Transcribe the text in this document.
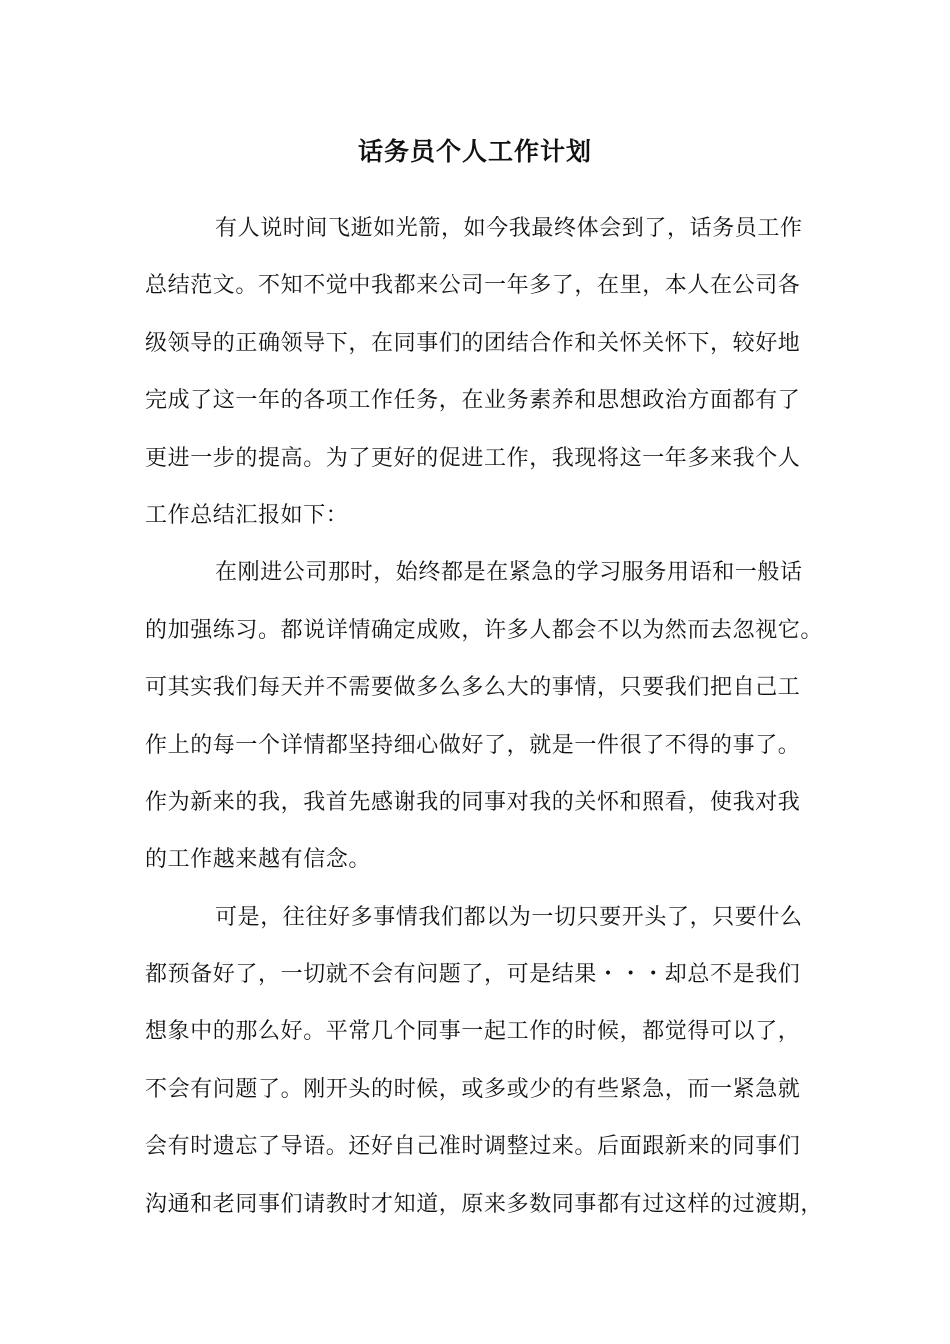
话务员个人工作计划
有人说时间飞逝如光箭，如今我最终体会到了，话务员工作
总结范文。不知不觉中我都来公司一年多了，在里，本人在公司各
级领导的正确领导下，在同事们的团结合作和关怀关怀下，较好地
完成了这一年的各项工作任务，在业务素养和思想政治方面都有了
更进一步的提高。为了更好的促进工作，我现将这一年多来我个人
工作总结汇报如下：
在刚进公司那时，始终都是在紧急的学习服务用语和一般话
的加强练习。都说详情确定成败，许多人都会不以为然而去忽视它。
可其实我们每天并不需要做多么多么大的事情，只要我们把自己工
作上的每一个详情都坚持细心做好了，就是一件很了不得的事了。
作为新来的我，我首先感谢我的同事对我的关怀和照看，使我对我
的工作越来越有信念。
可是，往往好多事情我们都以为一切只要开头了，只要什么
都预备好了，一切就不会有问题了，可是结果・・・却总不是我们
想象中的那么好。平常几个同事一起工作的时候，都觉得可以了，
不会有问题了。刚开头的时候，或多或少的有些紧急，而一紧急就
会有时遗忘了导语。还好自己准时调整过来。后面跟新来的同事们
沟通和老同事们请教时才知道，原来多数同事都有过这样的过渡期，
